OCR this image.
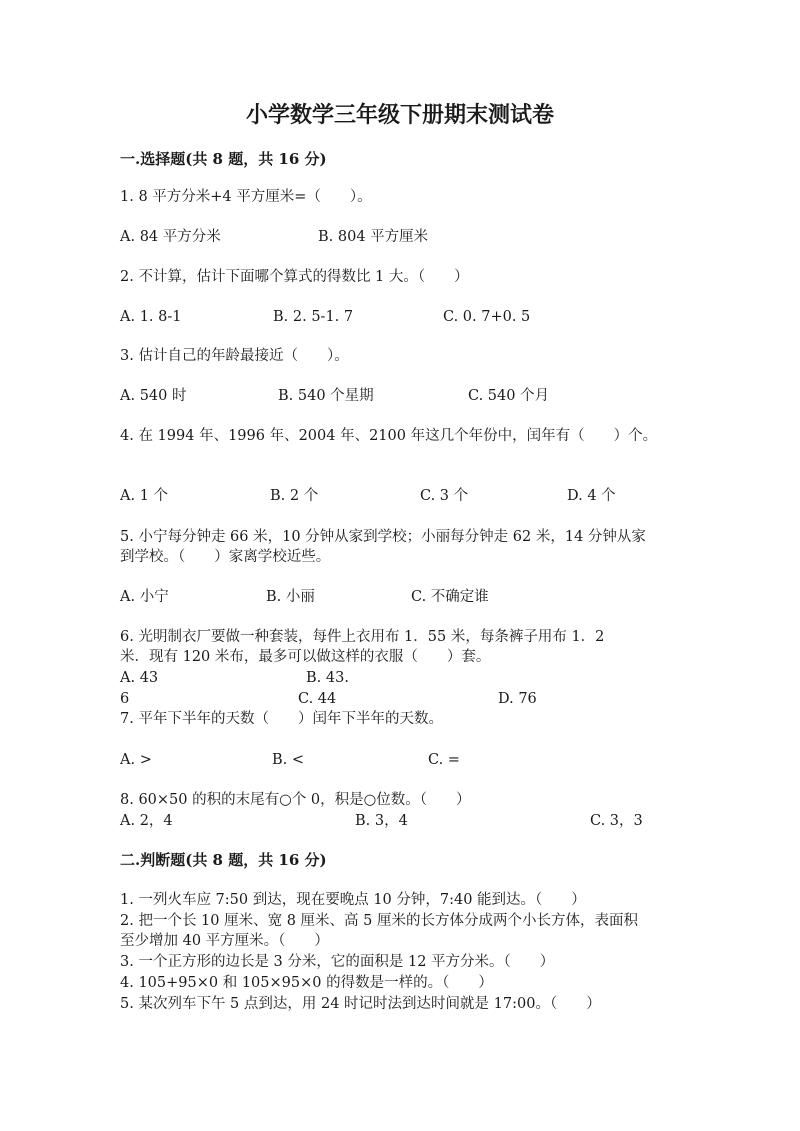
小学数学三年级下册期末测试卷
一.选择题(共 8 题，共 16 分)
1. 8 平方分米+4 平方厘米=（　　）。
A. 84 平方分米	B. 804 平方厘米
2. 不计算，估计下面哪个算式的得数比 1 大。（　　）
A. 1. 8-1	B. 2. 5-1. 7	C. 0. 7+0. 5
3. 估计自己的年龄最接近（　　）。
A. 540 时	B. 540 个星期	C. 540 个月
4. 在 1994 年、1996 年、2004 年、2100 年这几个年份中，闰年有（　　）个。
A. 1 个	B. 2 个	C. 3 个	D. 4 个
5. 小宁每分钟走 66 米，10 分钟从家到学校；小丽每分钟走 62 米，14 分钟从家
到学校。（　　）家离学校近些。
A. 小宁	B. 小丽	C. 不确定谁
6. 光明制衣厂要做一种套装，每件上衣用布 1．55 米，每条裤子用布 1．2
米．现有 120 米布，最多可以做这样的衣服（　　）套。
A. 43	B. 43.
6	C. 44	D. 76
7. 平年下半年的天数（　　）闰年下半年的天数。
A. >	B. <	C. =
8. 60×50 的积的末尾有○个 0，积是○位数。（　　）
A. 2，4	B. 3，4	C. 3，3
二.判断题(共 8 题，共 16 分)
1. 一列火车应 7:50 到达，现在要晚点 10 分钟，7:40 能到达。（　　）
2. 把一个长 10 厘米、宽 8 厘米、高 5 厘米的长方体分成两个小长方体，表面积
至少增加 40 平方厘米。（　　）
3. 一个正方形的边长是 3 分米，它的面积是 12 平方分米。（　　）
4. 105+95×0 和 105×95×0 的得数是一样的。（　　）
5. 某次列车下午 5 点到达，用 24 时记时法到达时间就是 17:00。（　　）
